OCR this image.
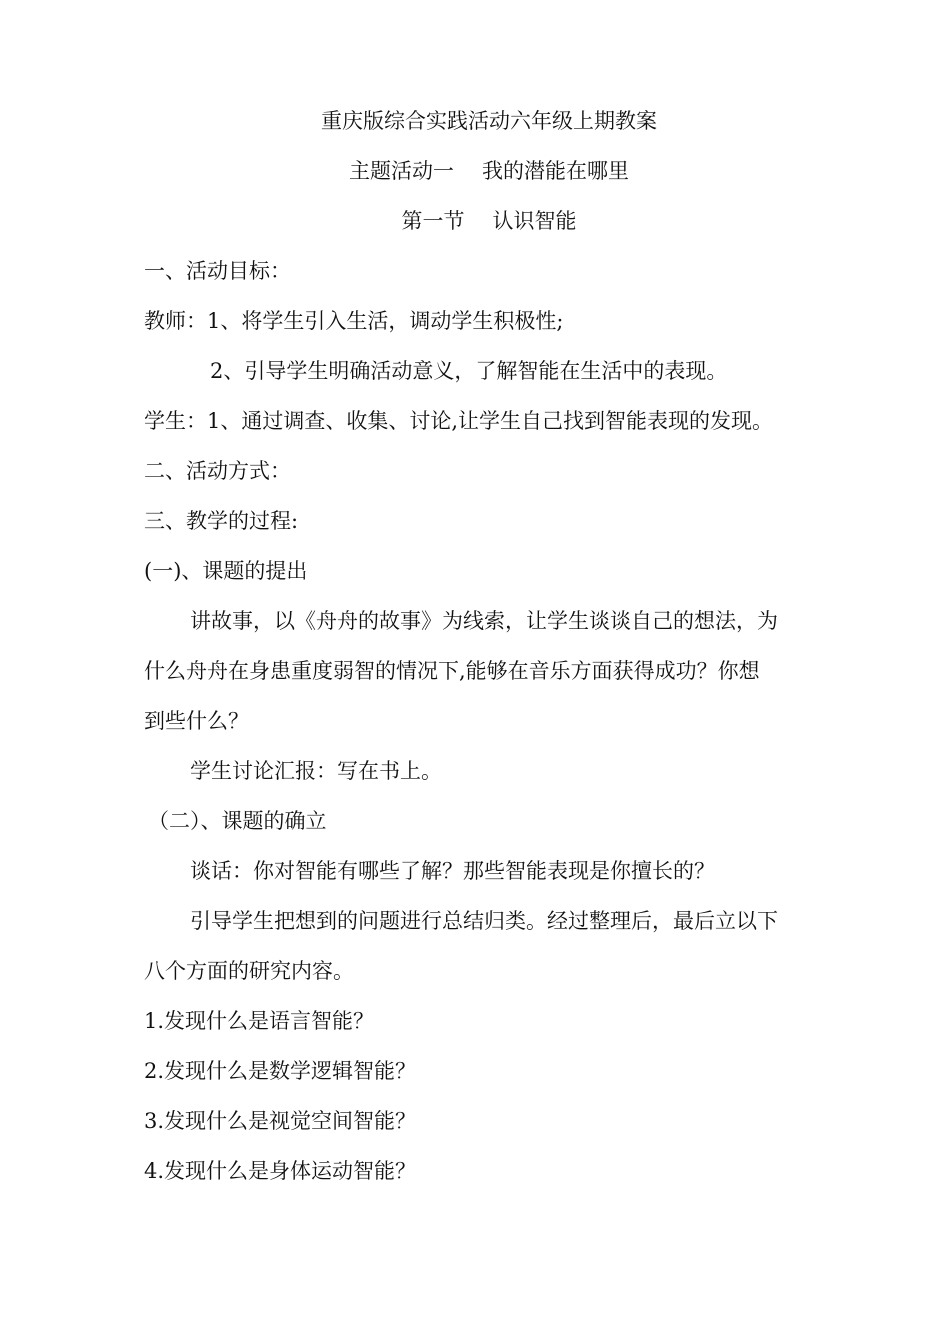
重庆版综合实践活动六年级上期教案
主题活动一 我的潜能在哪里
第一节 认识智能
一、活动目标：
教师：1、将学生引入生活，调动学生积极性;
2、引导学生明确活动意义，了解智能在生活中的表现。
学生：1、通过调查、收集、讨论,让学生自己找到智能表现的发现。
二、活动方式：
三、教学的过程:
(一)、课题的提出
讲故事，以《舟舟的故事》为线索，让学生谈谈自己的想法，为
什么舟舟在身患重度弱智的情况下,能够在音乐方面获得成功？你想
到些什么？
学生讨论汇报：写在书上。
（二）、课题的确立
谈话：你对智能有哪些了解？那些智能表现是你擅长的？
引导学生把想到的问题进行总结归类。经过整理后，最后立以下
八个方面的研究内容。
1.发现什么是语言智能？
2.发现什么是数学逻辑智能？
3.发现什么是视觉空间智能？
4.发现什么是身体运动智能？
